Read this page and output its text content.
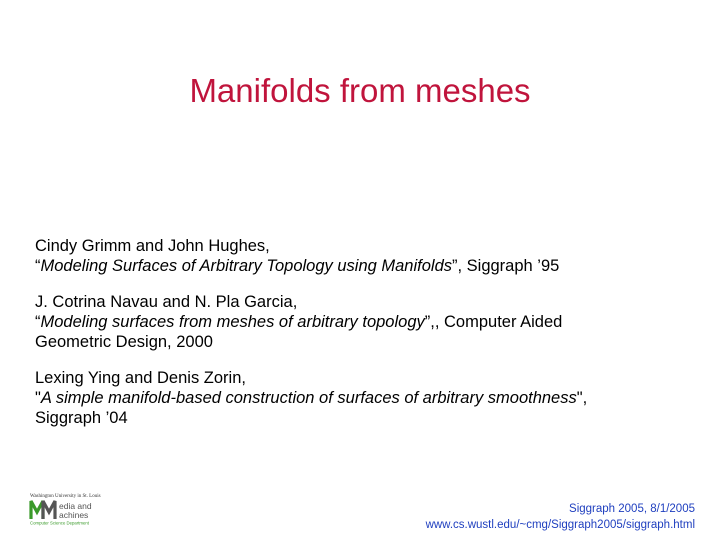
Manifolds from meshes
Cindy Grimm and John Hughes,
“Modeling Surfaces of Arbitrary Topology using Manifolds”, Siggraph ’95
J. Cotrina Navau and N. Pla Garcia,
“Modeling surfaces from meshes of arbitrary topology”,, Computer Aided
Geometric Design, 2000
Lexing Ying and Denis Zorin,
"A simple manifold-based construction of surfaces of arbitrary smoothness",
Siggraph ’04
Washington University in St. Louis
edia and
achines
Computer Science Department
Siggraph 2005, 8/1/2005
www.cs.wustl.edu/~cmg/Siggraph2005/siggraph.html
